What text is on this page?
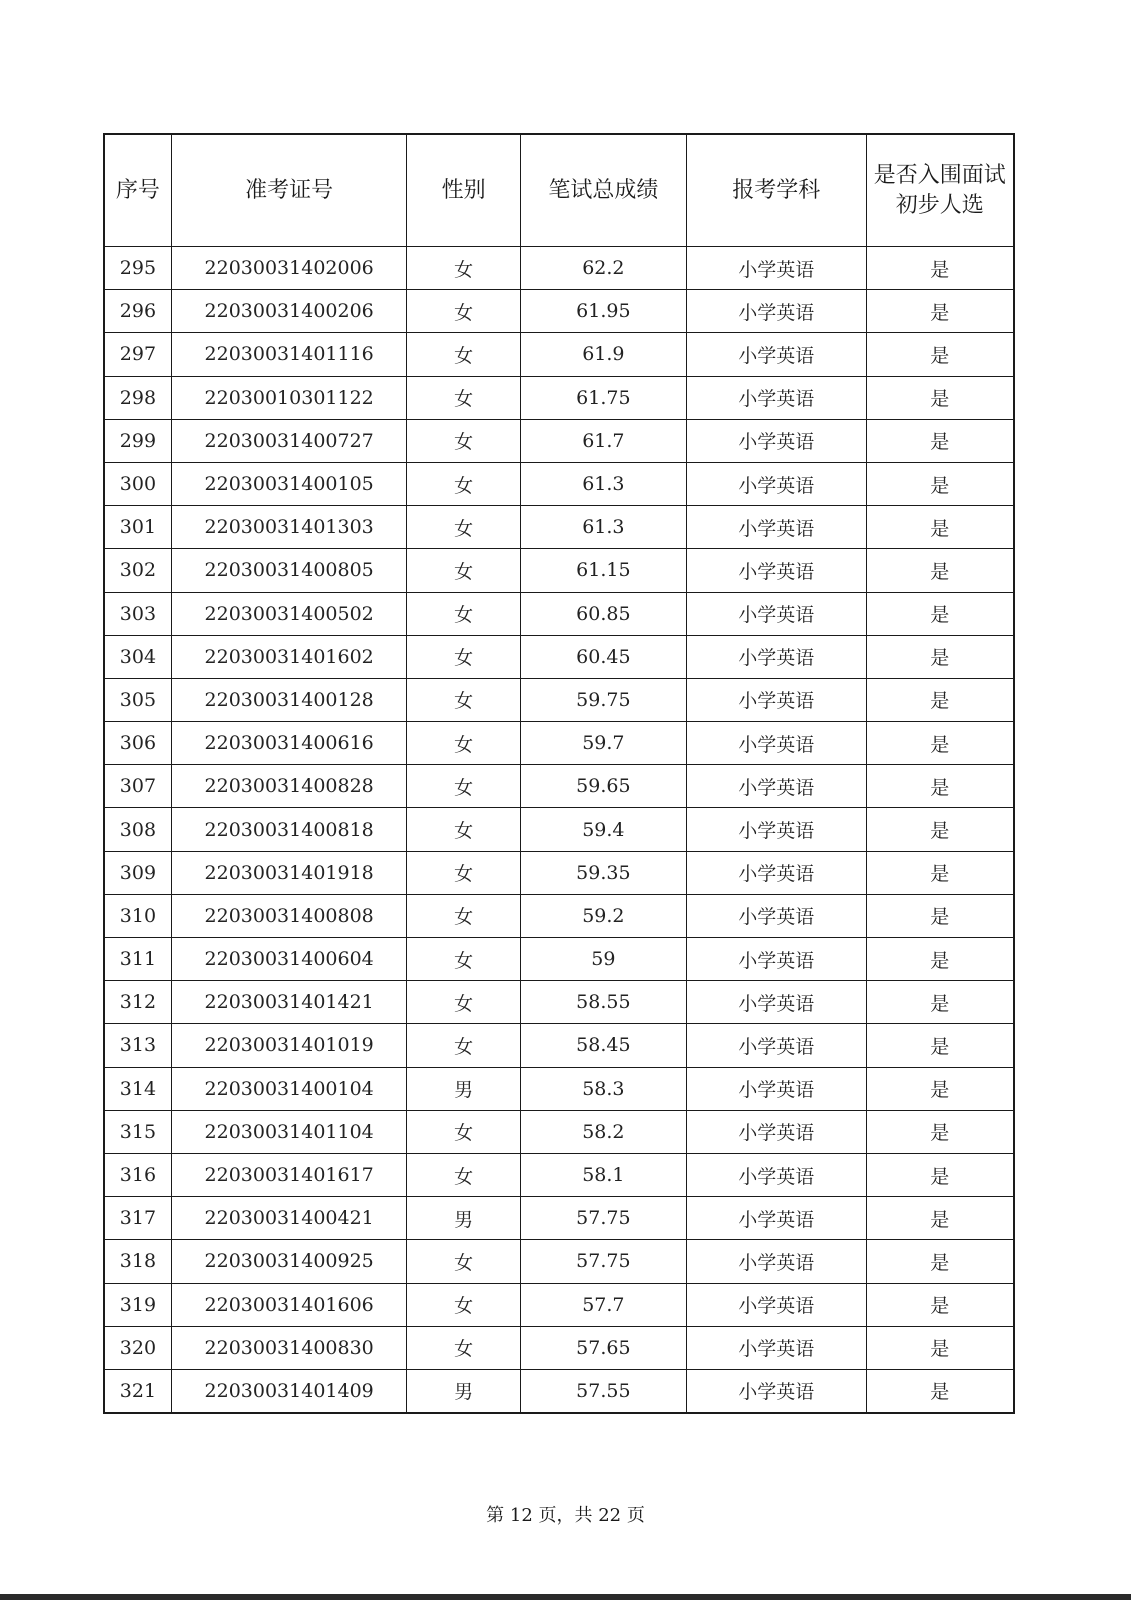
序号	准考证号	性别	笔试总成绩	报考学科	是否入围面试初步人选
295	22030031402006	女	62.2	小学英语	是
296	22030031400206	女	61.95	小学英语	是
297	22030031401116	女	61.9	小学英语	是
298	22030010301122	女	61.75	小学英语	是
299	22030031400727	女	61.7	小学英语	是
300	22030031400105	女	61.3	小学英语	是
301	22030031401303	女	61.3	小学英语	是
302	22030031400805	女	61.15	小学英语	是
303	22030031400502	女	60.85	小学英语	是
304	22030031401602	女	60.45	小学英语	是
305	22030031400128	女	59.75	小学英语	是
306	22030031400616	女	59.7	小学英语	是
307	22030031400828	女	59.65	小学英语	是
308	22030031400818	女	59.4	小学英语	是
309	22030031401918	女	59.35	小学英语	是
310	22030031400808	女	59.2	小学英语	是
311	22030031400604	女	59	小学英语	是
312	22030031401421	女	58.55	小学英语	是
313	22030031401019	女	58.45	小学英语	是
314	22030031400104	男	58.3	小学英语	是
315	22030031401104	女	58.2	小学英语	是
316	22030031401617	女	58.1	小学英语	是
317	22030031400421	男	57.75	小学英语	是
318	22030031400925	女	57.75	小学英语	是
319	22030031401606	女	57.7	小学英语	是
320	22030031400830	女	57.65	小学英语	是
321	22030031401409	男	57.55	小学英语	是
第 12 页，共 22 页
